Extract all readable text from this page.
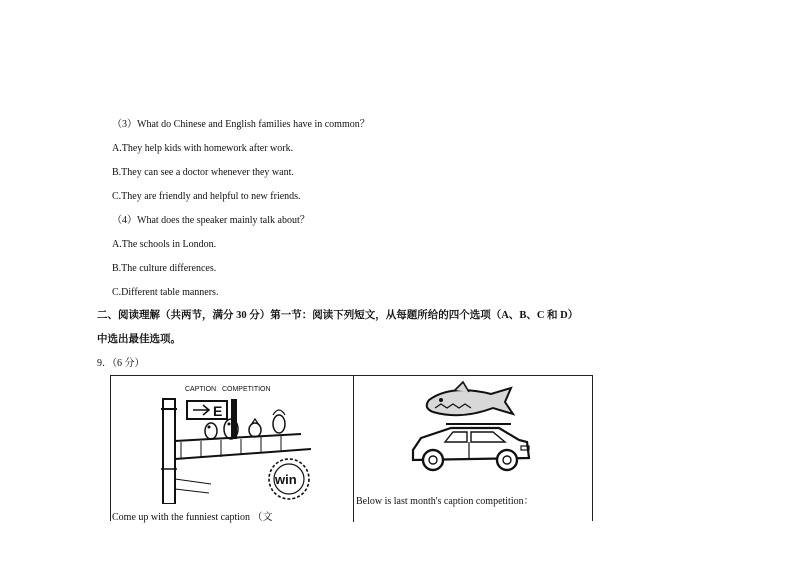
（3）What do Chinese and English families have in common？
A.They help kids with homework after work.
B.They can see a doctor whenever they want.
C.They are friendly and helpful to new friends.
（4）What does the speaker mainly talk about？
A.The schools in London.
B.The culture differences.
C.Different table manners.
二、阅读理解（共两节，满分 30 分）第一节：阅读下列短文，从每题所给的四个选项（A、B、C 和 D）
中选出最佳选项。
9．（6 分）
CAPTION   COMPETITION
E
win
Come up with the funniest caption （文
Below is last month's caption competition：
